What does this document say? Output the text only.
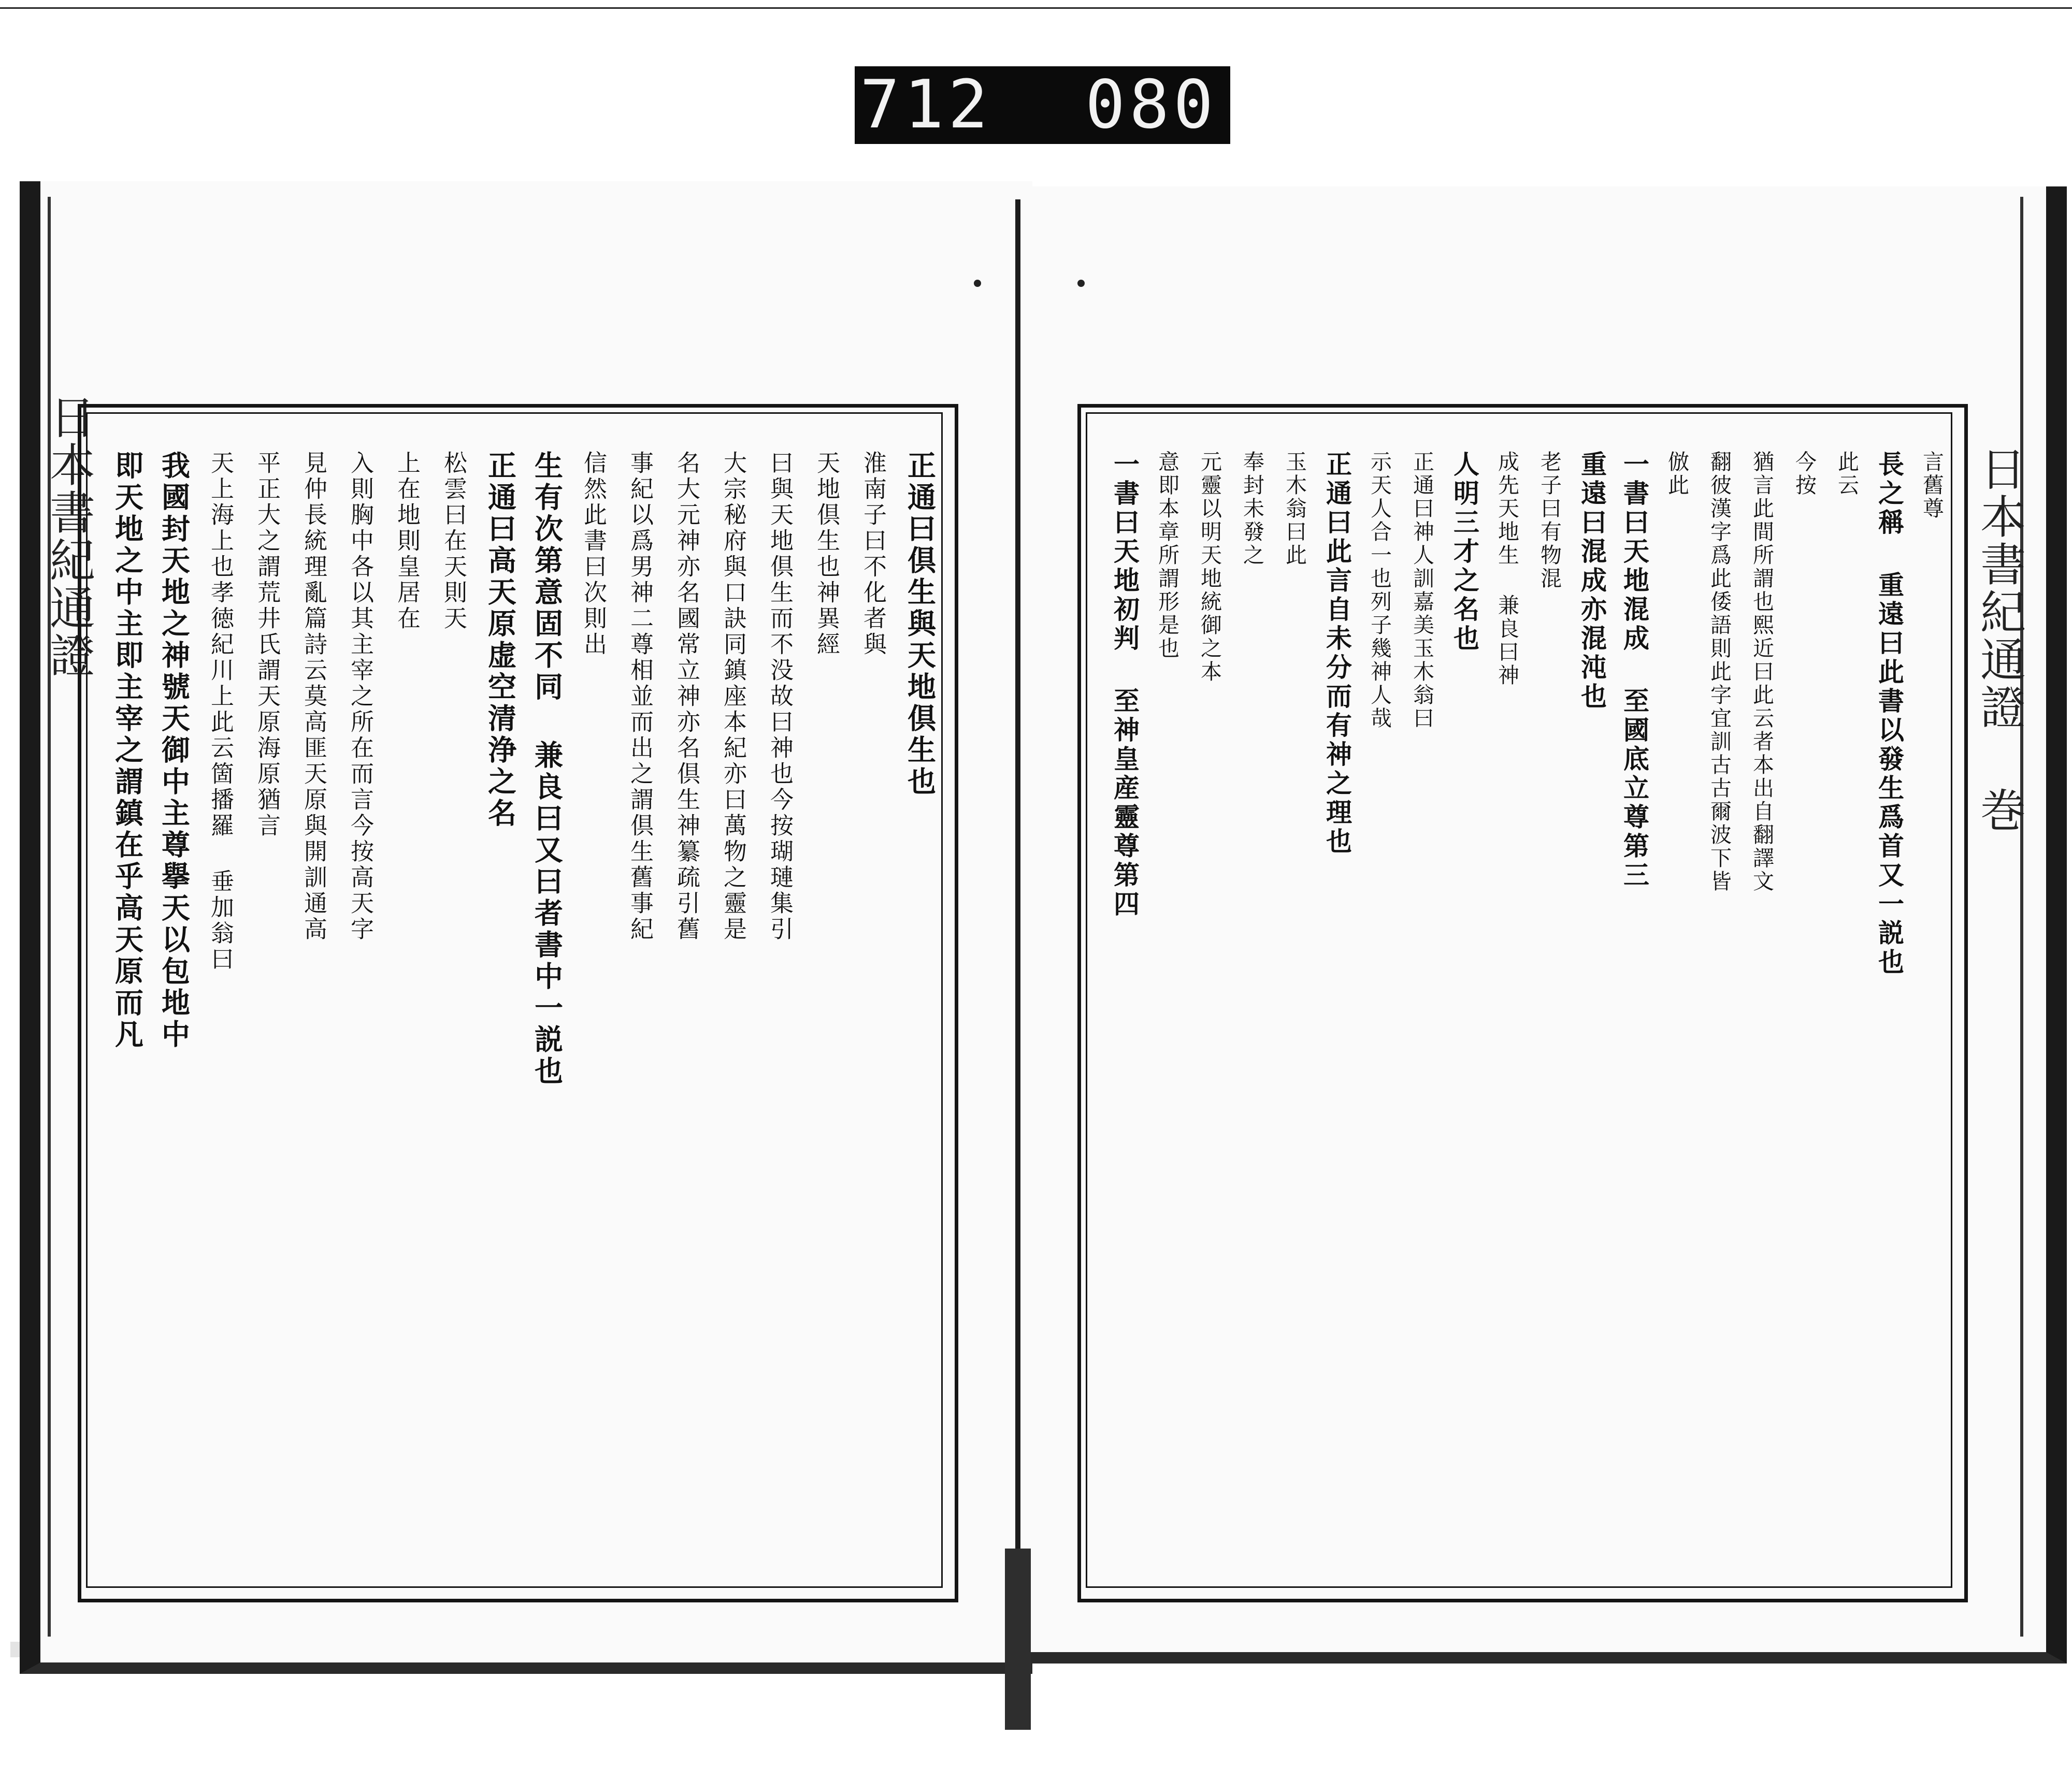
712 080
日本書紀通證	日本書紀通證 巻
正通曰倶生與天地倶生也
淮南子曰不化者與
天地倶生也神異經
曰與天地倶生而不没故曰神也今按瑚璉集引
大宗秘府與口訣同鎮座本紀亦曰萬物之靈是
名大元神亦名國常立神亦名倶生神纂疏引舊
事紀以爲男神二尊相並而出之謂倶生舊事紀
信然此書曰次則出
生有次第意固不同 兼良曰又曰者書中一説也
正通曰高天原虚空清浄之名
松雲曰在天則天
上在地則皇居在
入則胸中各以其主宰之所在而言今按高天字
見仲長統理亂篇詩云莫高匪天原與開訓通高
平正大之謂荒井氏謂天原海原猶言
天上海上也孝徳紀川上此云箇播羅 垂加翁曰
我國封天地之神號天御中主尊擧天以包地中
即天地之中主即主宰之謂鎮在乎高天原而凡	言舊尊
長之稱 重遠曰此書以發生爲首又一説也
此云
今按
猶言此間所謂也熙近曰此云者本出自翻譯文
翻彼漢字爲此倭語則此字宜訓古古爾波下皆
倣此
一書曰天地混成 至國底立尊第三
重遠曰混成亦混沌也
老子曰有物混
成先天地生 兼良曰神
人明三才之名也
正通曰神人訓嘉美玉木翁曰
示天人合一也列子幾神人哉
正通曰此言自未分而有神之理也
玉木翁曰此
奉封未發之
元靈以明天地統御之本
意即本章所謂形是也
一書曰天地初判 至神皇産靈尊第四
